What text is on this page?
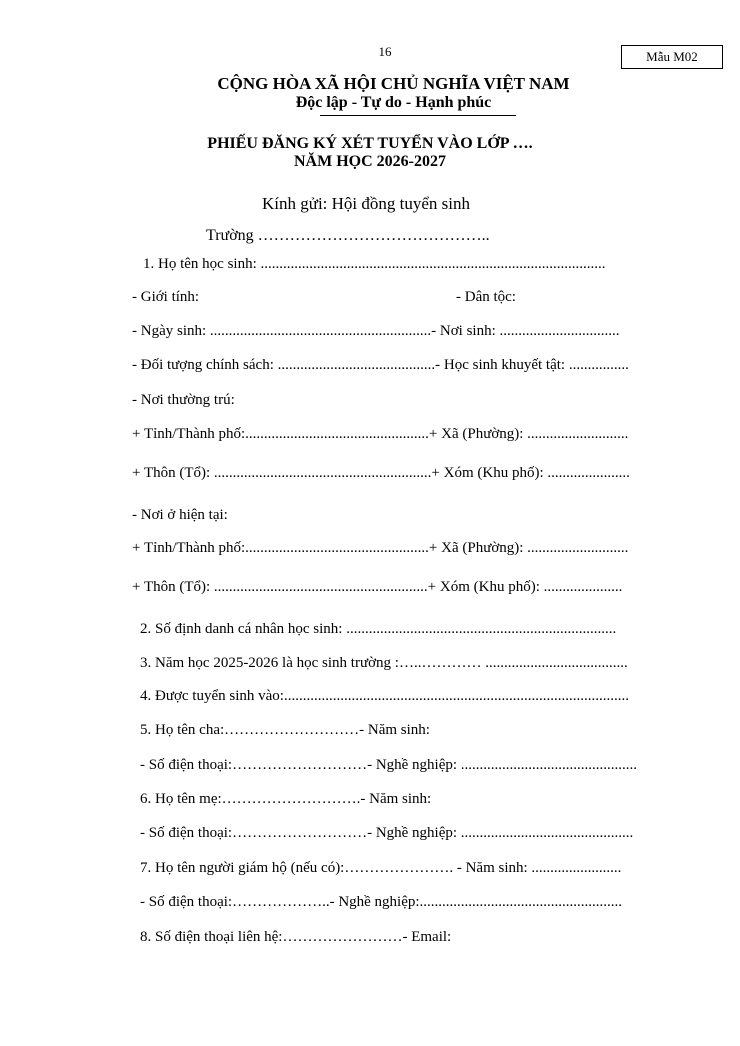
16	Mẫu M02
CỘNG HÒA XÃ HỘI CHỦ NGHĨA VIỆT NAM
Độc lập - Tự do - Hạnh phúc
PHIẾU ĐĂNG KÝ XÉT TUYỂN VÀO LỚP ….
NĂM HỌC 2026-2027
Kính gửi: Hội đồng tuyển sinh
Trường ……………………………………..
1. Họ tên học sinh: ............................................................................................
- Giới tính:	- Dân tộc:
- Ngày sinh: ...........................................................- Nơi sinh: ................................
- Đối tượng chính sách: ..........................................- Học sinh khuyết tật: ................
- Nơi thường trú:
+ Tỉnh/Thành phố:.................................................+ Xã (Phường): ...........................
+ Thôn (Tổ): ..........................................................+ Xóm (Khu phố): ......................
- Nơi ở hiện tại:
+ Tỉnh/Thành phố:.................................................+ Xã (Phường): ...........................
+ Thôn (Tổ): .........................................................+ Xóm (Khu phố): .....................
2. Số định danh cá nhân học sinh: ........................................................................
3. Năm học 2025-2026 là học sinh trường :…..………… ......................................
4. Được tuyển sinh vào:............................................................................................
5. Họ tên cha:………………………- Năm sinh:
- Số điện thoại:………………………- Nghề nghiệp: ...............................................
6. Họ tên mẹ:……………………….- Năm sinh:
- Số điện thoại:………………………- Nghề nghiệp: ..............................................
7. Họ tên người giám hộ (nếu có):…………………. - Năm sinh: ........................
- Số điện thoại:………………..- Nghề nghiệp:......................................................
8. Số điện thoại liên hệ:……………………- Email:
